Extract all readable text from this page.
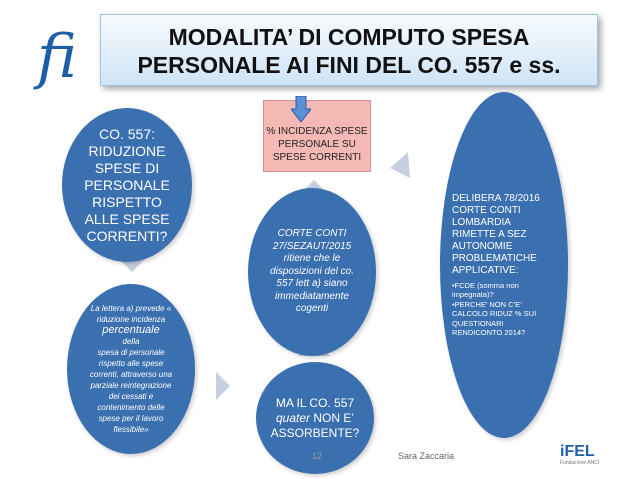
ﬁ	MODALITA’ DI COMPUTO SPESA
PERSONALE AI FINI DEL CO. 557 e ss.
CO. 557:
RIDUZIONE
SPESE DI
PERSONALE
RISPETTO
ALLE SPESE
CORRENTI?
% INCIDENZA SPESE
PERSONALE SU
SPESE CORRENTI
CORTE CONTI
27/SEZAUT/2015
ritiene che le
disposizioni del co.
557 lett a) siano
immediatamente
cogenti
La lettera a) prevede «
riduzione incidenza
percentuale
della
spesa di personale
rispetto alle spese
correnti, attraverso una
parziale reintegrazione
dei cessati e
contenimento delle
spese per il lavoro
flessibile»
MA IL CO. 557
quater NON E’
ASSORBENTE?
DELIBERA 78/2016
CORTE CONTI
LOMBARDIA
RIMETTE A SEZ
AUTONOMIE
PROBLEMATICHE
APPLICATIVE:
•FCDE (somma non
impegnata)?
•PERCHE’ NON C’E’
CALCOLO RIDUZ % SUI
QUESTIONARI
RENDICONTO 2014?
12	Sara Zaccaria	iFEL
Fondazione ANCI
